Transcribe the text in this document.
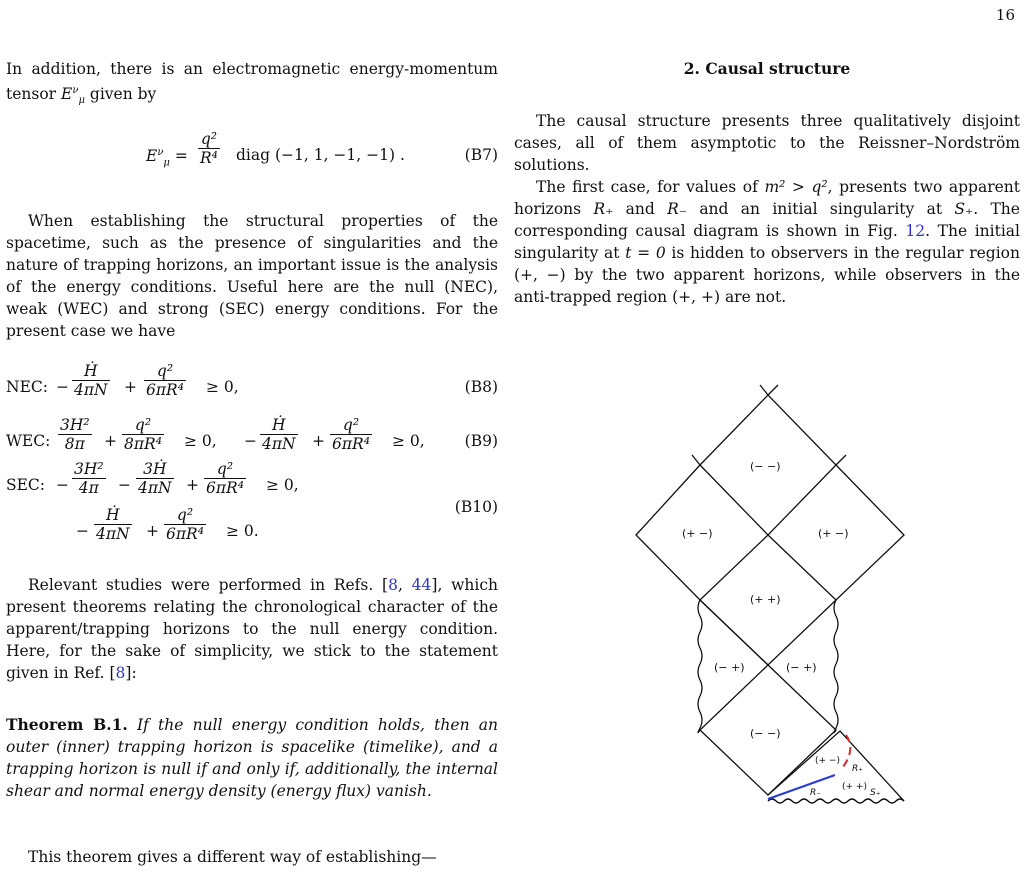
16

In addition, there is an electromagnetic energy-momentum tensor $E^\nu_\mu$ given by

$E^\nu_\mu = \frac{\text{q²}}{\text{R⁴}}$ diag (−1, 1, −1, −1) .	(B7)

When establishing the structural properties of the spacetime, such as the presence of singularities and the nature of trapping horizons, an important issue is the analysis of the energy conditions. Useful here are the null (NEC), weak (WEC) and strong (SEC) energy conditions. For the present case we have

NEC: − $\frac{\text{Ḣ}}{4\pi N} + \frac{\text{q²}}{\text{6πR⁴}} \ge 0$,	(B8)
WEC: $\frac{\text{3H²}}{8\pi} + \frac{\text{q²}}{\text{8πR⁴}} \ge 0$, − $\frac{\text{Ḣ}}{4\pi N} + \frac{\text{q²}}{\text{6πR⁴}} \ge 0$,	(B9)
SEC: − $\frac{\text{3H²}}{4\pi} - \frac{\text{3Ḣ}}{4\pi N} + \frac{\text{q²}}{\text{6πR⁴}} \ge 0$,
− $\frac{\text{Ḣ}}{4\pi N} + \frac{\text{q²}}{\text{6πR⁴}} \ge 0$.
(B10)

Relevant studies were performed in Refs. [8, 44], which present theorems relating the chronological character of the apparent/trapping horizons to the null energy condition. Here, for the sake of simplicity, we stick to the statement given in Ref. [8]:

Theorem B.1. If the null energy condition holds, then an outer (inner) trapping horizon is spacelike (timelike), and a trapping horizon is null if and only if, additionally, the internal shear and normal energy density (energy flux) vanish.

This theorem gives a different way of establishing—

2. Causal structure

The causal structure presents three qualitatively disjoint cases, all of them asymptotic to the Reissner–Nordström solutions.

The first case, for values of m² > q², presents two apparent horizons R₊ and R₋ and an initial singularity at S₊. The corresponding causal diagram is shown in Fig. 12. The initial singularity at t = 0 is hidden to observers in the regular region (+, −) by the two apparent horizons, while observers in the anti-trapped region (+, +) are not.

(− −)
(+ −)	(+ −)
(+ +)
(− +)	(− +)
(− −)
(+ −)
(+ +)
R₊
R₋	S₊
